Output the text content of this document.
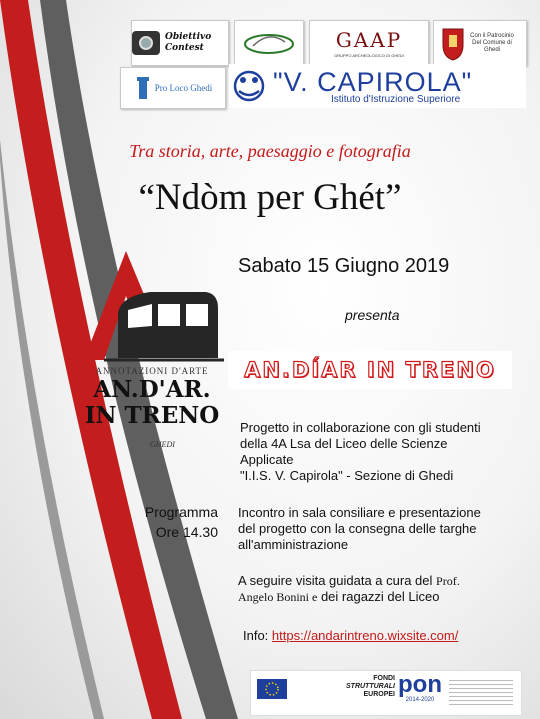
Obiettivo Contest	GAAP
GRUPPO ARCHEOLOGICO DI GHEDI
Con il Patrocinio Del Comune di Ghedi
Pro Loco Ghedi "V. CAPIROLA"
Istituto d'Istruzione Superiore
Tra storia, arte, paesaggio e fotografia
“Ndòm per Ghét”
Sabato 15 Giugno 2019
presenta
ANNOTAZIONI D'ARTE
AN.D'AR.
IN TRENO
GHEDI
AN.DÍAR IN TRENO
Progetto in collaborazione con gli studenti
della 4A Lsa del Liceo delle Scienze
Applicate
"I.I.S. V. Capirola" - Sezione di Ghedi
Programma
Ore 14.30
Incontro in sala consiliare e presentazione
del progetto con la consegna delle targhe
all'amministrazione
A seguire visita guidata a cura del Prof.
Angelo Bonini e dei ragazzi del Liceo
Info: https://andarintreno.wixsite.com/
FONDI
STRUTTURALI
EUROPEI pon
2014-2020
